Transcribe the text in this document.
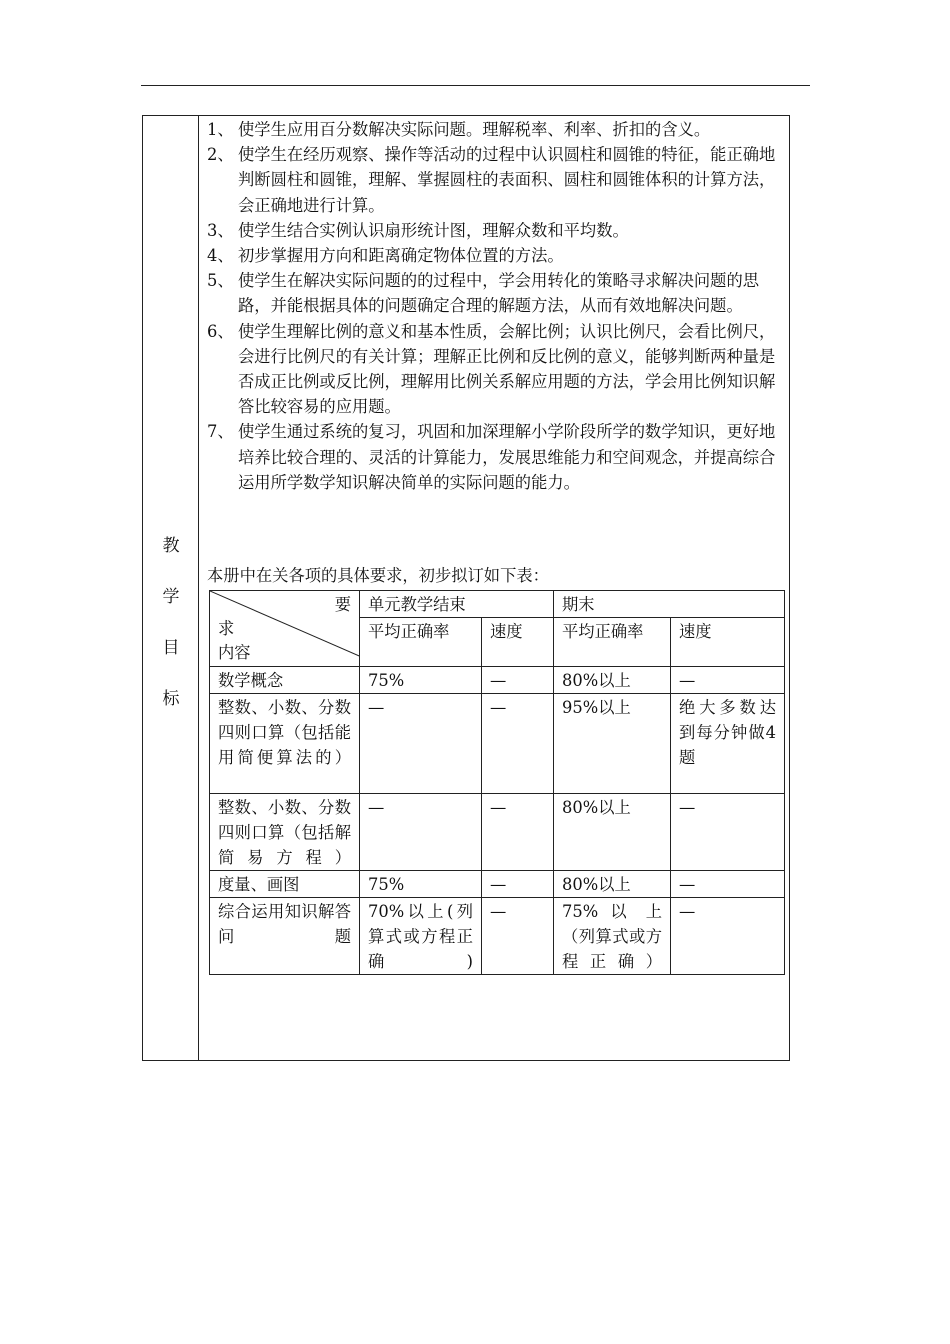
教
学
目
标
1、 使学生应用百分数解决实际问题。理解税率、利率、折扣的含义。
2、 使学生在经历观察、操作等活动的过程中认识圆柱和圆锥的特征，能正确地判断圆柱和圆锥，理解、掌握圆柱的表面积、圆柱和圆锥体积的计算方法，会正确地进行计算。
3、 使学生结合实例认识扇形统计图，理解众数和平均数。
4、 初步掌握用方向和距离确定物体位置的方法。
5、 使学生在解决实际问题的的过程中，学会用转化的策略寻求解决问题的思路，并能根据具体的问题确定合理的解题方法，从而有效地解决问题。
6、 使学生理解比例的意义和基本性质，会解比例；认识比例尺，会看比例尺，会进行比例尺的有关计算；理解正比例和反比例的意义，能够判断两种量是否成正比例或反比例，理解用比例关系解应用题的方法，学会用比例知识解答比较容易的应用题。
7、 使学生通过系统的复习，巩固和加深理解小学阶段所学的数学知识，更好地培养比较合理的、灵活的计算能力，发展思维能力和空间观念，并提高综合运用所学数学知识解决简单的实际问题的能力。
本册中在关各项的具体要求，初步拟订如下表：
要
求
内容	单元教学结束		期末	
	平均正确率	速度	平均正确率	速度
数学概念	75%	—	80%以上	—
整数、小数、分数四则口算（包括能用简便算法的）	—	—	95%以上	绝大多数达到每分钟做4题
整数、小数、分数四则口算（包括解简易方程）	—	—	80%以上	—
度量、画图	75%	—	80%以上	—
综合运用知识解答问题	70%以上(列算式或方程正确)	—	75% 以 上（列算式或方程正确）	—
